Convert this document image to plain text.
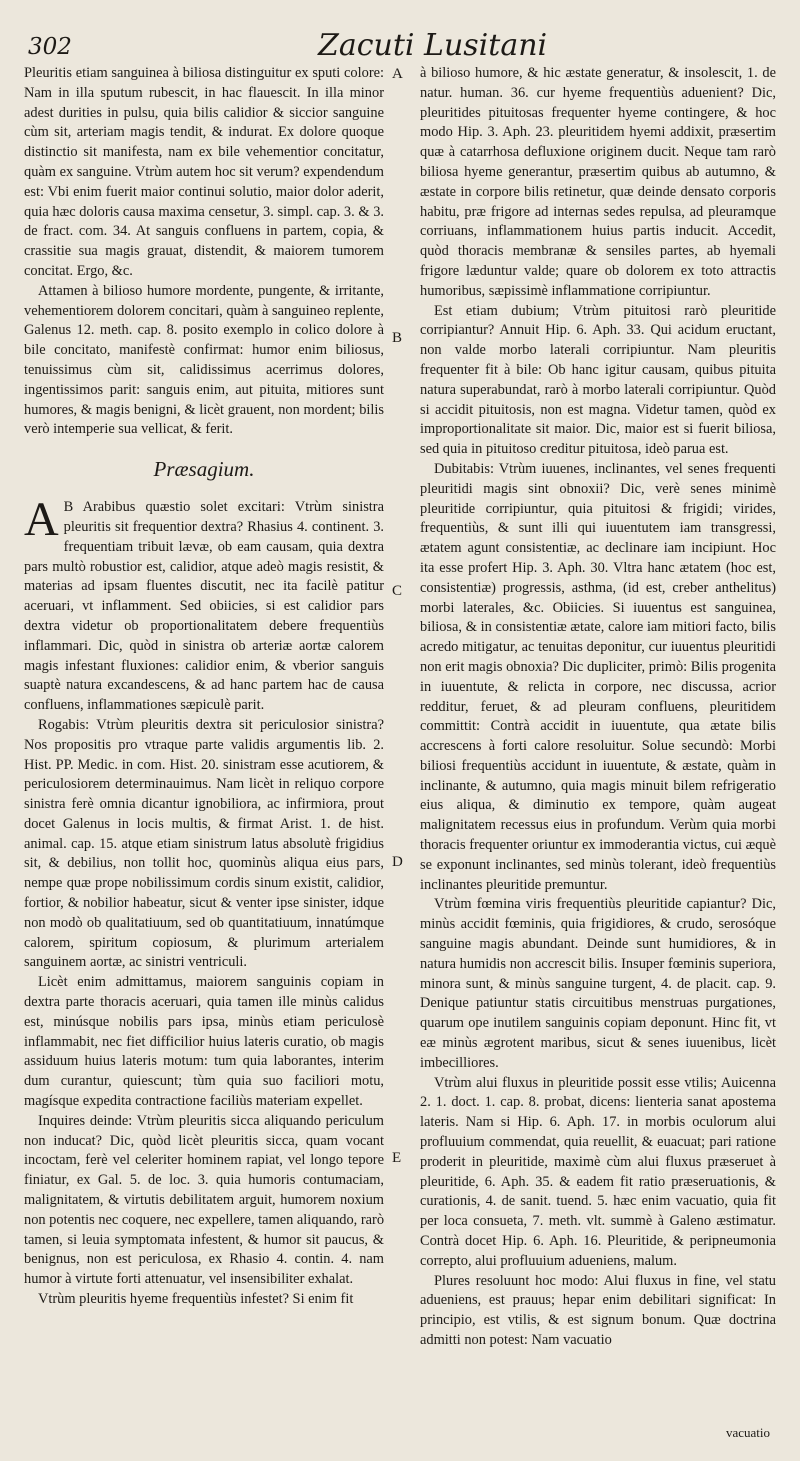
302	Zacuti Lusitani
A
B
C
D
E

Pleuritis etiam sanguinea à biliosa distinguitur ex sputi colore: Nam in illa sputum rubescit, in hac flauescit. In illa minor adest durities in pulsu, quia bilis calidior & siccior sanguine cùm sit, arteriam magis tendit, & indurat. Ex dolore quoque distinctio sit manifesta, nam ex bile vehementior concitatur, quàm ex sanguine. Vtrùm autem hoc sit verum? expendendum est: Vbi enim fuerit maior continui solutio, maior dolor aderit, quia hæc doloris causa maxima censetur, 3. simpl. cap. 3. & 3. de fract. com. 34. At sanguis confluens in partem, copia, & crassitie sua magis grauat, distendit, & maiorem tumorem concitat. Ergo, &c.

Attamen à bilioso humore mordente, pungente, & irritante, vehementiorem dolorem concitari, quàm à sanguineo replente, Galenus 12. meth. cap. 8. posito exemplo in colico dolore à bile concitato, manifestè confirmat: humor enim biliosus, tenuissimus cùm sit, calidissimus acerrimus dolores, ingentissimos parit: sanguis enim, aut pituita, mitiores sunt humores, & magis benigni, & licèt grauent, non mordent; bilis verò intemperie sua vellicat, & ferit.

Præsagium.

A B Arabibus quæstio solet excitari: Vtrùm sinistra pleuritis sit frequentior dextra? Rhasius 4. continent. 3. frequentiam tribuit lævæ, ob eam causam, quia dextra pars multò robustior est, calidior, atque adeò magis resistit, & materias ad ipsam fluentes discutit, nec ita facilè patitur aceruari, vt inflamment. Sed obiicies, si est calidior pars dextra videtur ob proportionalitatem debere frequentiùs inflammari. Dic, quòd in sinistra ob arteriæ aortæ calorem magis infestant fluxiones: calidior enim, & vberior sanguis suaptè natura excandescens, & ad hanc partem hac de causa confluens, inflammationes sæpiculè parit.

Rogabis: Vtrùm pleuritis dextra sit periculosior sinistra? Nos propositis pro vtraque parte validis argumentis lib. 2. Hist. PP. Medic. in com. Hist. 20. sinistram esse acutiorem, & periculosiorem determinauimus. Nam licèt in reliquo corpore sinistra ferè omnia dicantur ignobiliora, ac infirmiora, prout docet Galenus in locis multis, & firmat Arist. 1. de hist. animal. cap. 15. atque etiam sinistrum latus absolutè frigidius sit, & debilius, non tollit hoc, quominùs aliqua eius pars, nempe quæ prope nobilissimum cordis sinum existit, calidior, fortior, & nobilior habeatur, sicut & venter ipse sinister, idque non modò ob qualitatiuum, sed ob quantitatiuum, innatúmque calorem, spiritum copiosum, & plurimum arterialem sanguinem aortæ, ac sinistri ventriculi.

Licèt enim admittamus, maiorem sanguinis copiam in dextra parte thoracis aceruari, quia tamen ille minùs calidus est, minúsque nobilis pars ipsa, minùs etiam periculosè inflammabit, nec fiet difficilior huius lateris curatio, ob magis assiduum huius lateris motum: tum quia laborantes, interim dum curantur, quiescunt; tùm quia suo faciliori motu, magísque expedita contractione faciliùs materiam expellet.

Inquires deinde: Vtrùm pleuritis sicca aliquando periculum non inducat? Dic, quòd licèt pleuritis sicca, quam vocant incoctam, ferè vel celeriter hominem rapiat, vel longo tepore finiatur, ex Gal. 5. de loc. 3. quia humoris contumaciam, malignitatem, & virtutis debilitatem arguit, humorem noxium non potentis nec coquere, nec expellere, tamen aliquando, rarò tamen, si leuia symptomata infestent, & humor sit paucus, & benignus, non est periculosa, ex Rhasio 4. contin. 4. nam humor à virtute forti attenuatur, vel insensibiliter exhalat.

Vtrùm pleuritis hyeme frequentiùs infestet? Si enim fit

à bilioso humore, & hic æstate generatur, & insolescit, 1. de natur. human. 36. cur hyeme frequentiùs aduenient? Dic, pleuritides pituitosas frequenter hyeme contingere, & hoc modo Hip. 3. Aph. 23. pleuritidem hyemi addixit, præsertim quæ à catarrhosa defluxione originem ducit. Neque tam rarò biliosa hyeme generantur, præsertim quibus ab autumno, & æstate in corpore bilis retinetur, quæ deinde densato corporis habitu, præ frigore ad internas sedes repulsa, ad pleuramque corriuans, inflammationem huius partis inducit. Accedit, quòd thoracis membranæ & sensiles partes, ab hyemali frigore læduntur valde; quare ob dolorem ex toto attractis humoribus, sæpissimè inflammatione corripiuntur.

Est etiam dubium; Vtrùm pituitosi rarò pleuritide corripiantur? Annuit Hip. 6. Aph. 33. Qui acidum eructant, non valde morbo laterali corripiuntur. Nam pleuritis frequenter fit à bile: Ob hanc igitur causam, quibus pituita natura superabundat, rarò à morbo laterali corripiuntur. Quòd si accidit pituitosis, non est magna. Videtur tamen, quòd ex improportionalitate sit maior. Dic, maior est si fuerit biliosa, sed quia in pituitoso creditur pituitosa, ideò parua est.

Dubitabis: Vtrùm iuuenes, inclinantes, vel senes frequenti pleuritidi magis sint obnoxii? Dic, verè senes minimè pleuritide corripiuntur, quia pituitosi & frigidi; virides, frequentiùs, & sunt illi qui iuuentutem iam transgressi, ætatem agunt consistentiæ, ac declinare iam incipiunt. Hoc ita esse profert Hip. 3. Aph. 30. Vltra hanc ætatem (hoc est, consistentiæ) progressis, asthma, (id est, creber anthelitus) morbi laterales, &c. Obiicies. Si iuuentus est sanguinea, biliosa, & in consistentiæ ætate, calore iam mitiori facto, bilis acredo mitigatur, ac tenuitas deponitur, cur iuuentus pleuritidi non erit magis obnoxia? Dic dupliciter, primò: Bilis progenita in iuuentute, & relicta in corpore, nec discussa, acrior redditur, feruet, & ad pleuram confluens, pleuritidem committit: Contrà accidit in iuuentute, qua ætate bilis accrescens à forti calore resoluitur. Solue secundò: Morbi biliosi frequentiùs accidunt in iuuentute, & æstate, quàm in inclinante, & autumno, quia magis minuit bilem refrigeratio eius aliqua, & diminutio ex tempore, quàm augeat malignitatem recessus eius in profundum. Verùm quia morbi thoracis frequenter oriuntur ex immoderantia victus, cui æquè se exponunt inclinantes, sed minùs tolerant, ideò frequentiùs inclinantes pleuritide premuntur.

Vtrùm fœmina viris frequentiùs pleuritide capiantur? Dic, minùs accidit fœminis, quia frigidiores, & crudo, serosóque sanguine magis abundant. Deinde sunt humidiores, & in natura humidis non accrescit bilis. Insuper fœminis superiora, minora sunt, & minùs sanguine turgent, 4. de placit. cap. 9. Denique patiuntur statis circuitibus menstruas purgationes, quarum ope inutilem sanguinis copiam deponunt. Hinc fit, vt eæ minùs ægrotent maribus, sicut & senes iuuenibus, licèt imbecilliores.

Vtrùm alui fluxus in pleuritide possit esse vtilis; Auicenna 2. 1. doct. 1. cap. 8. probat, dicens: lienteria sanat apostema lateris. Nam si Hip. 6. Aph. 17. in morbis oculorum alui profluuium commendat, quia reuellit, & euacuat; pari ratione proderit in pleuritide, maximè cùm alui fluxus præseruet à pleuritide, 6. Aph. 35. & eadem fit ratio præseruationis, & curationis, 4. de sanit. tuend. 5. hæc enim vacuatio, quia fit per loca consueta, 7. meth. vlt. summè à Galeno æstimatur. Contrà docet Hip. 6. Aph. 16. Pleuritide, & peripneumonia correpto, alui profluuium adueniens, malum.

Plures resoluunt hoc modo: Alui fluxus in fine, vel statu adueniens, est prauus; hepar enim debilitari significat: In principio, est vtilis, & est signum bonum. Quæ doctrina admitti non potest: Nam vacuatio

vacuatio
